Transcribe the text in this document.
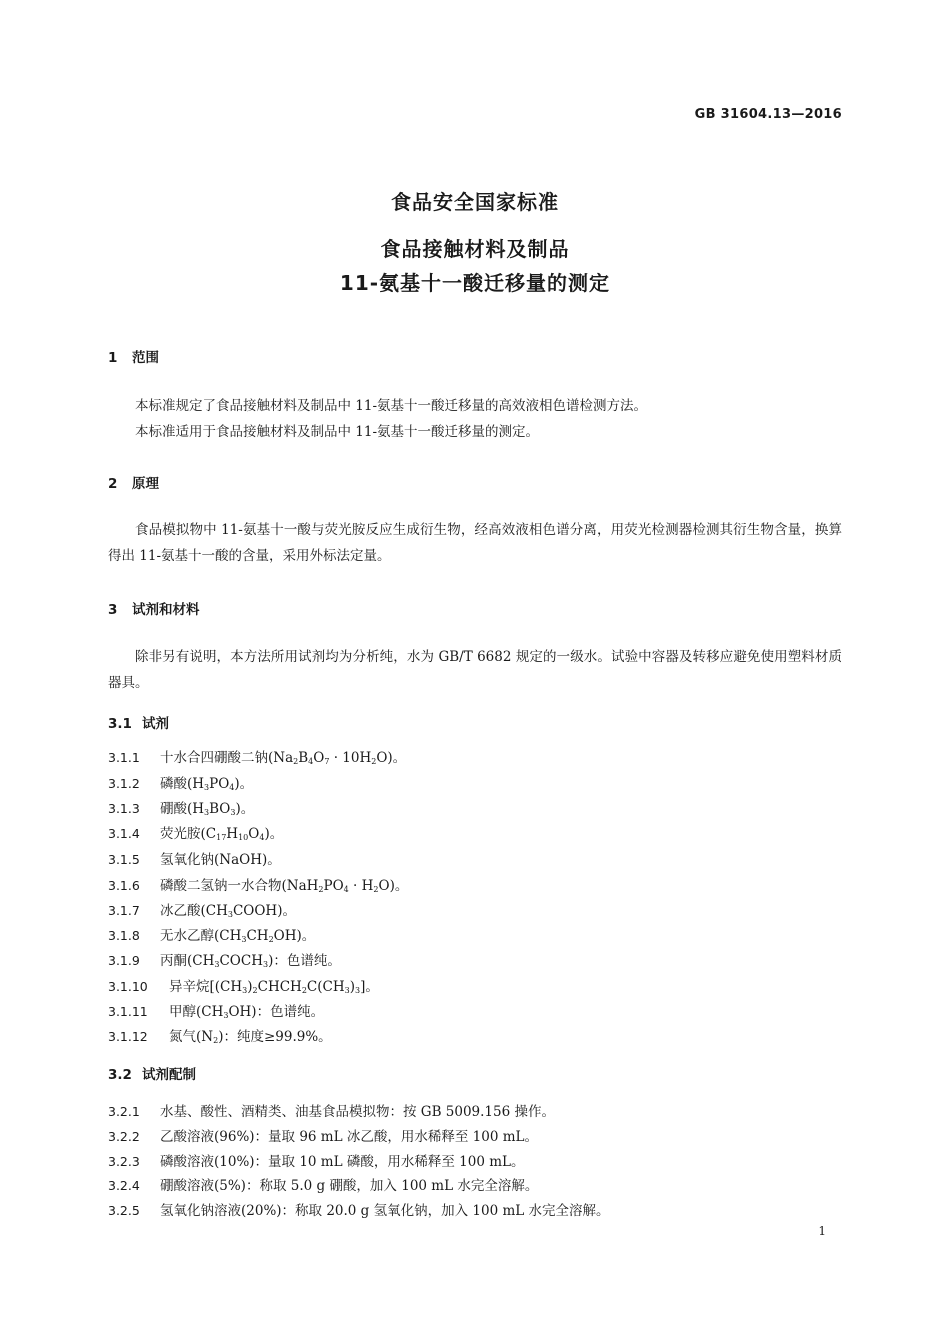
GB 31604.13—2016
食品安全国家标准
食品接触材料及制品
11-氨基十一酸迁移量的测定
1 范围

本标准规定了食品接触材料及制品中 11-氨基十一酸迁移量的高效液相色谱检测方法。

本标准适用于食品接触材料及制品中 11-氨基十一酸迁移量的测定。

2 原理

食品模拟物中 11-氨基十一酸与荧光胺反应生成衍生物，经高效液相色谱分离，用荧光检测器检测其衍生物含量，换算得出 11-氨基十一酸的含量，采用外标法定量。

3 试剂和材料

除非另有说明，本方法所用试剂均为分析纯，水为 GB/T 6682 规定的一级水。试验中容器及转移应避免使用塑料材质器具。

3.1 试剂
3.1.1 十水合四硼酸二钠$(Na_2B_4O_7 \cdot 10H_2O)$。
3.1.2 磷酸$(H_3PO_4)$。
3.1.3 硼酸$(H_3BO_3)$。
3.1.4 荧光胺$(C_{17}H_{10}O_4)$。
3.1.5 氢氧化钠(NaOH)。
3.1.6 磷酸二氢钠一水合物$(NaH_2PO_4 \cdot H_2O)$。
3.1.7 冰乙酸$(CH_3COOH)$。
3.1.8 无水乙醇$(CH_3CH_2OH)$。
3.1.9 丙酮$(CH_3COCH_3)$：色谱纯。
3.1.10 异辛烷$[(CH_3)_2CHCH_2C(CH_3)_3]$。
3.1.11 甲醇$(CH_3OH)$：色谱纯。
3.1.12 氮气$(N_2)$：纯度≥99.9%。
3.2 试剂配制
3.2.1 水基、酸性、酒精类、油基食品模拟物：按 GB 5009.156 操作。
3.2.2 乙酸溶液(96%)：量取 96 mL 冰乙酸，用水稀释至 100 mL。
3.2.3 磷酸溶液(10%)：量取 10 mL 磷酸，用水稀释至 100 mL。
3.2.4 硼酸溶液(5%)：称取 5.0 g 硼酸，加入 100 mL 水完全溶解。
3.2.5 氢氧化钠溶液(20%)：称取 20.0 g 氢氧化钠，加入 100 mL 水完全溶解。
1
